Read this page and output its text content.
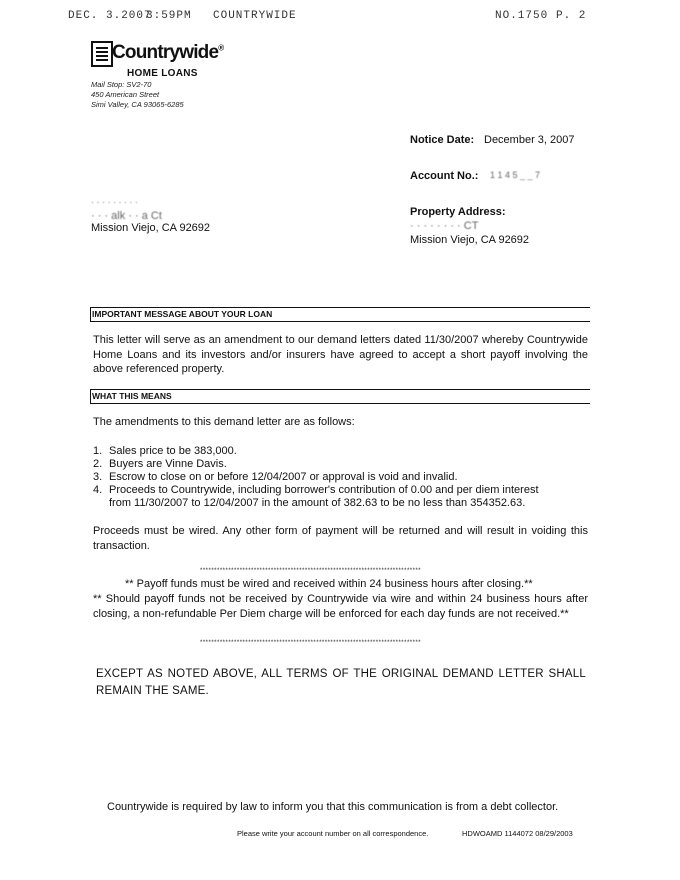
DEC. 3.2007
3:59PM COUNTRYWIDE	NO.1750 P. 2
Countrywide®
HOME LOANS
Mail Stop: SV2-70
450 American Street
Simi Valley, CA 93065-6285
Notice Date: December 3, 2007
Account No.: 1 1 4 5 _ _ 7
· · · · · · · · ·
· · · alk · · a Ct
Mission Viejo, CA 92692
Property Address:
· · · · · · · · CT
Mission Viejo, CA 92692
IMPORTANT MESSAGE ABOUT YOUR LOAN
This letter will serve as an amendment to our demand letters dated 11/30/2007 whereby Countrywide Home Loans and its investors and/or insurers have agreed to accept a short payoff involving the above referenced property.
WHAT THIS MEANS
The amendments to this demand letter are as follows:
1. Sales price to be 383,000.
2. Buyers are Vinne Davis.
3. Escrow to close on or before 12/04/2007 or approval is void and invalid.
4. Proceeds to Countrywide, including borrower's contribution of 0.00 and per diem interest
from 11/30/2007 to 12/04/2007 in the amount of 382.63 to be no less than 354352.63.
Proceeds must be wired. Any other form of payment will be returned and will result in voiding this transaction.
******************************************************************************
** Payoff funds must be wired and received within 24 business hours after closing.**
** Should payoff funds not be received by Countrywide via wire and within 24 business hours after closing, a non-refundable Per Diem charge will be enforced for each day funds are not received.**
******************************************************************************
EXCEPT AS NOTED ABOVE, ALL TERMS OF THE ORIGINAL DEMAND LETTER SHALL REMAIN THE SAME.
Countrywide is required by law to inform you that this communication is from a debt collector.
Please write your account number on all correspondence.	HDWOAMD 1144072 08/29/2003
